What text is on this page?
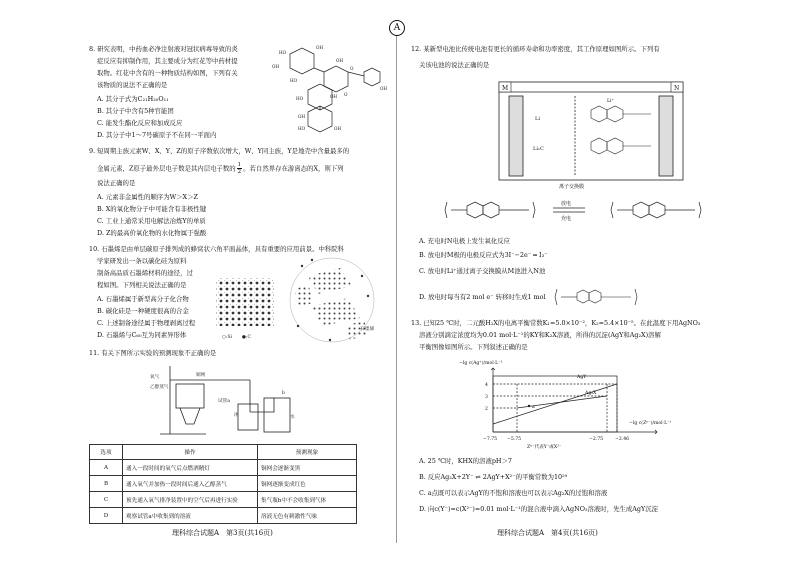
A
8. 研究表明，中药血必净注射液对冠状病毒导致的炎
症反应有抑制作用，其主要成分为红花等中药材提
取物。红花中含有的一种物质结构如图，下列有关
该物质的说法不正确的是
A. 其分子式为C₂₁H₂₀O₁₁
B. 其分子中含有5种官能团
C. 能发生酯化反应和加成反应
D. 其分子中1～7号碳原子不在同一平面内
HO
OH
HO
OH
HO	OH
OH
O
O
OH
OH
HO	OH
9. 短周期主族元素W、X、Y、Z的原子序数依次增大，W、Y同主族，Y是地壳中含量最多的
金属元素，Z原子最外层电子数是其内层电子数的 $\frac{1}{2}$ 。若自然界存在游离态的X，则下列
说法正确的是
A. 元素非金属性的顺序为W＞X＞Z
B. X的氧化物分子中可能含有非极性键
C. 工业上通常采用电解法冶炼Y的单质
D. Z的最高价氧化物的水化物属于强酸
10. 石墨烯是由单层碳原子排列成的蜂窝状六角平面晶体，具有重要的应用前景。中科院科
学家研发出一条以碳化硅为原料
制备高品质石墨烯材料的途径，过
程如图。下列相关说法正确的是
A. 石墨烯属于新型高分子化合物
B. 碳化硅是一种硬度很高的合金
C. 上述制备途径属于物理剥离过程
D. 石墨烯与C₆₀互为同素异形体	○:Si ●:C
石墨烯
11. 有关下图所示实验的预测现象不正确的是
氧气
乙醇蒸气
铜网
试管a
冰
b
水
选项	操作	预测现象
A	通入一段时间的氧气后点燃酒精灯	铜网会逐渐变黑
B	通入氧气并加热一段时间后通入乙醇蒸气	铜网逐渐变成红色
C	预先通入氧气排净装置中的空气后再进行实验	集气瓶b中不会收集到气体
D	观察试管a中收集到的溶液	溶液无色有刺激性气味
理科综合试题A　第3页(共16页)
12. 某新型电池比传统电池有更长的循环寿命和功率密度，其工作原理如图所示。下列有
关该电池的说法正确的是
M	N
Li
LiₓC
Li⁺
离子交换膜
放电
充电
A. 充电时N电极上发生氧化反应
B. 放电时M极的电极反应式为3I⁻−2e⁻ ═ I₃⁻
C. 放电时Li⁺通过离子交换膜从M池进入N池
D. 放电时每当有2 mol e⁻ 转移时生成1 mol
13. 已知25 ℃时，二元酸H₂X的电离平衡常数K₁=5.0×10⁻²，K₂=5.4×10⁻⁵。在此温度下用AgNO₃
溶液分别滴定浓度均为0.01 mol·L⁻¹的KY和K₂X溶液，所得的沉淀(AgY和Ag₂X)溶解
平衡图像如图所示。下列叙述正确的是
−lg c(Ag⁺)/mol·L⁻¹
AgY
Ag₂X
a
4
3
2
−7.75 −5.75	−2.75	−2.46
−lg c(Zⁿ⁻)/mol·L⁻¹
Zⁿ⁻代表Y⁻或X²⁻
A. 25 ℃时，KHX的溶液pH＞7
B. 反应Ag₂X+2Y⁻ ⇌ 2AgY+X²⁻的平衡常数为10²⁹
C. a点既可以表示AgY的不饱和溶液也可以表示Ag₂X的过饱和溶液
D. 向c(Y⁻)=c(X²⁻)=0.01 mol·L⁻¹的混合液中滴入AgNO₃溶液时，先生成AgY沉淀
理科综合试题A　第4页(共16页)
